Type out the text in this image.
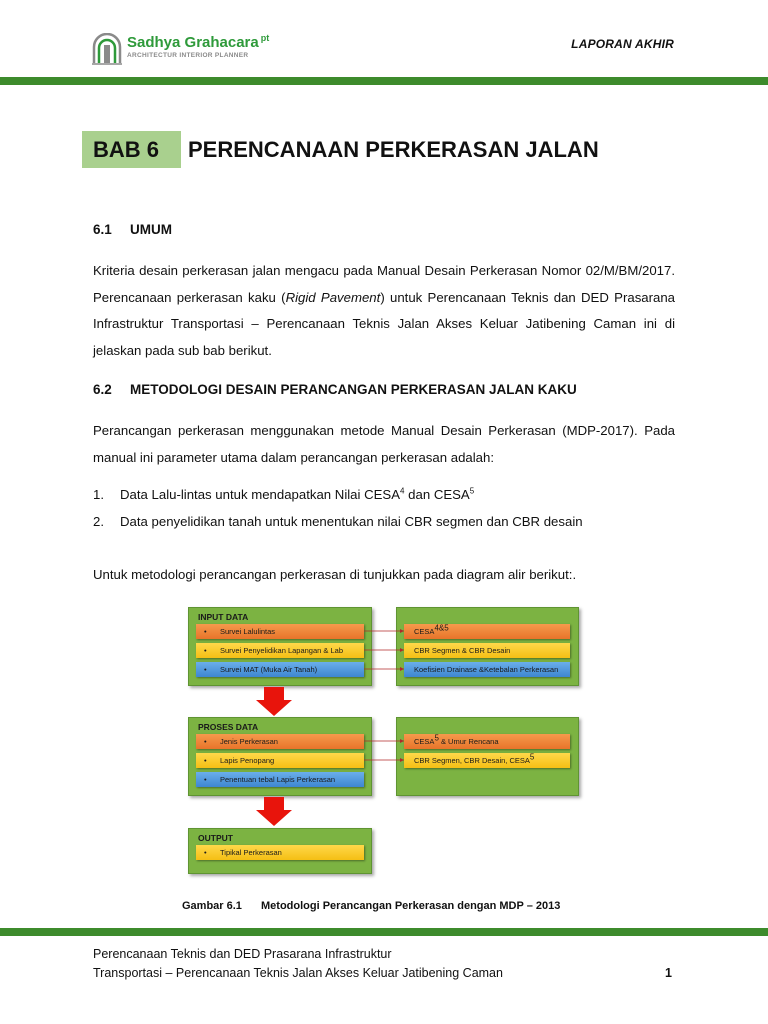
Sadhya Grahacara $^{pt}$
ARCHITECTUR INTERIOR PLANNER
LAPORAN AKHIR
BAB 6 PERENCANAAN PERKERASAN JALAN
6.1 UMUM
Kriteria desain perkerasan jalan mengacu pada Manual Desain Perkerasan Nomor 02/M/BM/2017. Perencanaan perkerasan kaku (Rigid Pavement) untuk Perencanaan Teknis dan DED Prasarana Infrastruktur Transportasi – Perencanaan Teknis Jalan Akses Keluar Jatibening Caman ini di jelaskan pada sub bab berikut.
6.2 METODOLOGI DESAIN PERANCANGAN PERKERASAN JALAN KAKU
Perancangan perkerasan menggunakan metode Manual Desain Perkerasan (MDP-2017). Pada manual ini parameter utama dalam perancangan perkerasan adalah:
1. Data Lalu-lintas untuk mendapatkan Nilai CESA$^4$ dan CESA$^5$
2. Data penyelidikan tanah untuk menentukan nilai CBR segmen dan CBR desain
Untuk metodologi perancangan perkerasan di tunjukkan pada diagram alir berikut:.
INPUT DATA
• Survei Lalulintas
• Survei Penyelidikan Lapangan & Lab
• Survei MAT (Muka Air Tanah)
$CESA^{4\&5}$
CBR Segmen & CBR Desain
Koefisien Drainase &Ketebalan Perkerasan
PROSES DATA
• Jenis Perkerasan
• Lapis Penopang
• Penentuan tebal Lapis Perkerasan
CESA$^5$ & Umur Rencana
CBR Segmen, CBR Desain, CESA$^5$
OUTPUT
• Tipikal Perkerasan
Gambar 6.1 Metodologi Perancangan Perkerasan dengan MDP – 2013
Perencanaan Teknis dan DED Prasarana Infrastruktur
Transportasi – Perencanaan Teknis Jalan Akses Keluar Jatibening Caman	1
